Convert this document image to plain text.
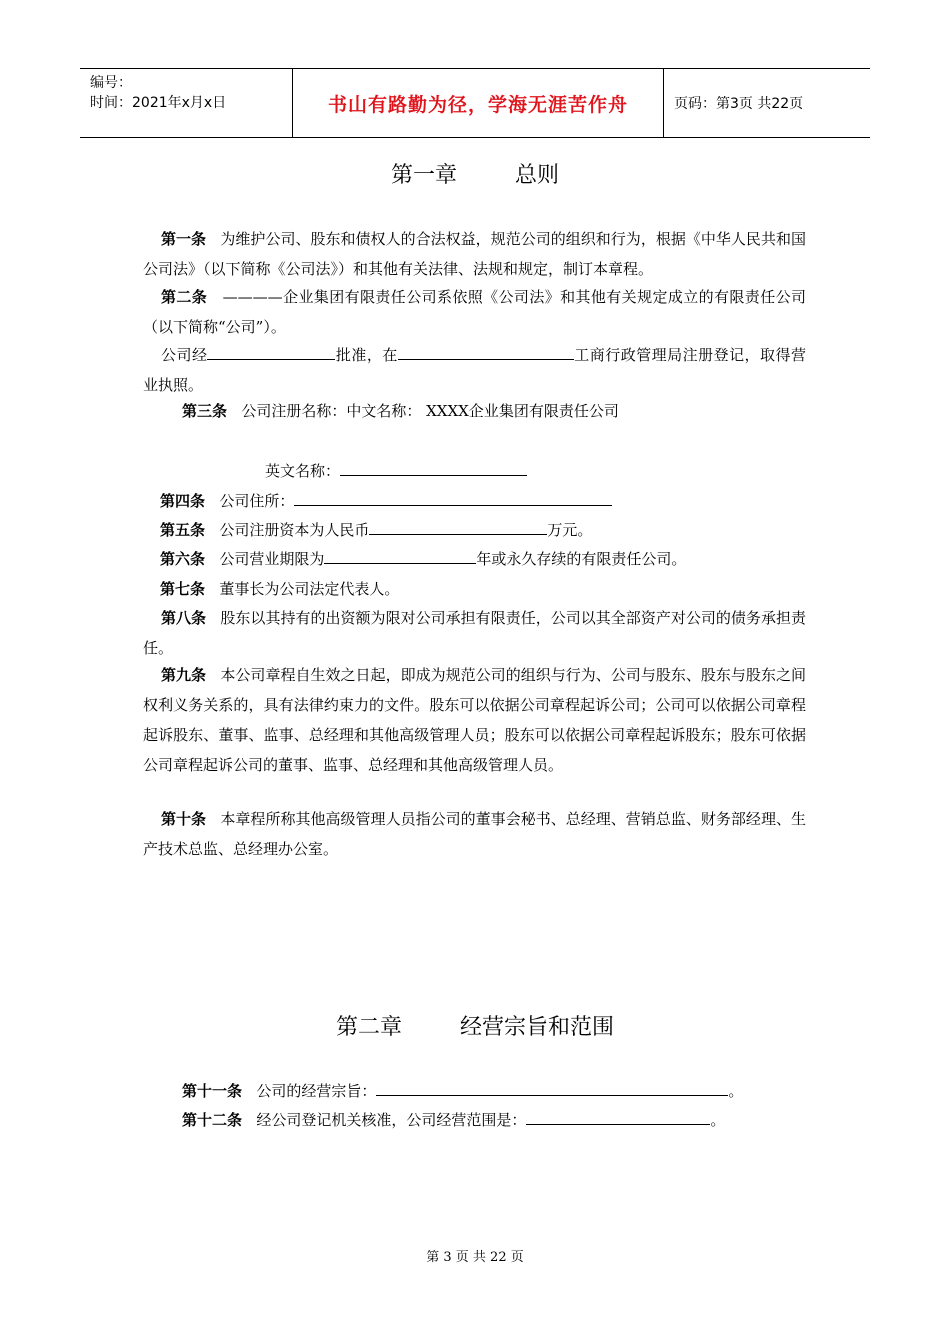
编号：
时间：2021年x月x日	书山有路勤为径，学海无涯苦作舟	页码：第3页 共22页
第一章	总则
第一条 为维护公司、股东和债权人的合法权益，规范公司的组织和行为，根据《中华人民共和国公司法》（以下简称《公司法》）和其他有关法律、法规和规定，制订本章程。
第二条 ————企业集团有限责任公司系依照《公司法》和其他有关规定成立的有限责任公司（以下简称“公司”）。
公司经	批准，在	工商行政管理局注册登记，取得营业执照。
第三条 公司注册名称：中文名称： XXXX企业集团有限责任公司
英文名称：
第四条 公司住所：
第五条 公司注册资本为人民币	万元。
第六条 公司营业期限为	年或永久存续的有限责任公司。
第七条 董事长为公司法定代表人。
第八条 股东以其持有的出资额为限对公司承担有限责任，公司以其全部资产对公司的债务承担责任。
第九条 本公司章程自生效之日起，即成为规范公司的组织与行为、公司与股东、股东与股东之间权利义务关系的，具有法律约束力的文件。股东可以依据公司章程起诉公司；公司可以依据公司章程起诉股东、董事、监事、总经理和其他高级管理人员；股东可以依据公司章程起诉股东；股东可依据公司章程起诉公司的董事、监事、总经理和其他高级管理人员。
第十条 本章程所称其他高级管理人员指公司的董事会秘书、总经理、营销总监、财务部经理、生产技术总监、总经理办公室。
第二章	经营宗旨和范围
第十一条 公司的经营宗旨：	。
第十二条 经公司登记机关核准，公司经营范围是：	。
第 3 页 共 22 页
